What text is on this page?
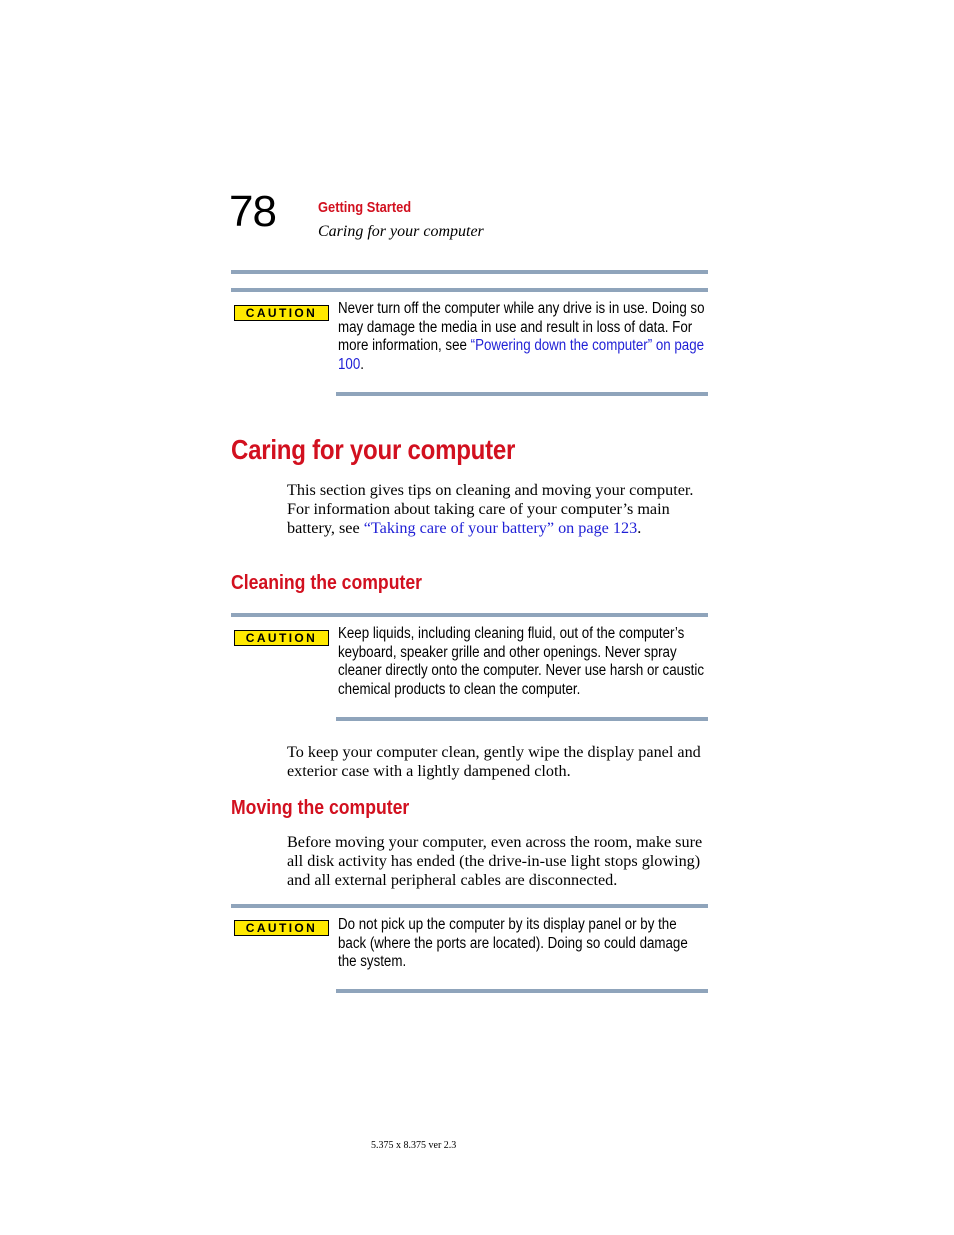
78	Getting Started
Caring for your computer
CAUTION	Never turn off the computer while any drive is in use. Doing so may damage the media in use and result in loss of data. For more information, see “Powering down the computer” on page 100.
Caring for your computer
This section gives tips on cleaning and moving your computer. For information about taking care of your computer’s main battery, see “Taking care of your battery” on page 123.
Cleaning the computer
CAUTION	Keep liquids, including cleaning fluid, out of the computer’s keyboard, speaker grille and other openings. Never spray cleaner directly onto the computer. Never use harsh or caustic chemical products to clean the computer.
To keep your computer clean, gently wipe the display panel and exterior case with a lightly dampened cloth.
Moving the computer
Before moving your computer, even across the room, make sure all disk activity has ended (the drive-in-use light stops glowing) and all external peripheral cables are disconnected.
CAUTION	Do not pick up the computer by its display panel or by the back (where the ports are located). Doing so could damage the system.
5.375 x 8.375 ver 2.3
